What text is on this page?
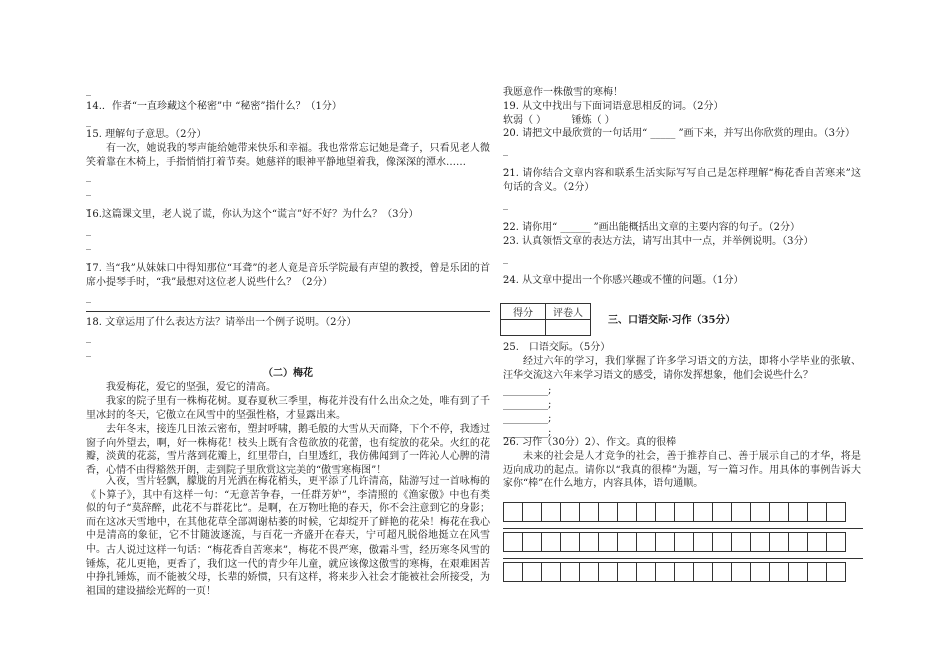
_
14.．作者“一直珍藏这个秘密”中 “秘密”指什么？（1分）
_
15. 理解句子意思。（2分）
有一次，她说我的琴声能给她带来快乐和幸福。我也常常忘记她是聋子，只看见老人微笑着靠在木椅上，手指悄悄打着节奏。她慈祥的眼神平静地望着我，像深深的潭水……
_
_
_
16.这篇课文里，老人说了谎，你认为这个“谎言”好不好？为什么？（3分）
_
_
_
17. 当“我”从妹妹口中得知那位“耳聋”的老人竟是音乐学院最有声望的教授，曾是乐团的首席小提琴手时，“我”最想对这位老人说些什么？（2分）
_
18. 文章运用了什么表达方法？请举出一个例子说明。（2分）
_
_
（二）梅花
我爱梅花，爱它的坚强，爱它的清高。
我家的院子里有一株梅花树。夏春夏秋三季里，梅花并没有什么出众之处，唯有到了千里冰封的冬天，它傲立在风雪中的坚强性格，才显露出来。
去年冬末，接连几日浓云密布，塑封呼啸，鹅毛般的大雪从天而降，下个不停，我透过窗子向外望去，啊，好一株梅花！枝头上既有含苞欲放的花蕾，也有绽放的花朵。火红的花瓣，淡黄的花蕊，雪片落到花瓣上，红里带白，白里透红，我仿佛闻到了一阵沁人心脾的清香，心情不由得豁然开朗，走到院子里欣赏这完美的“傲雪寒梅图”！
入夜，雪片轻飘，朦胧的月光洒在梅花梢头，更平添了几许清高，陆游写过一首咏梅的《卜算子》，其中有这样一句：“无意苦争春，一任群芳妒”，李清照的《渔家傲》中也有类似的句子“莫辞醉，此花不与群花比”。是啊，在万物吐艳的春天，你不会注意到它的身影；而在这冰天雪地中，在其他花草全部凋谢枯萎的时候，它却绽开了鲜艳的花朵！梅花在我心中是清高的象征，它不甘随波逐流，与百花一齐盛开在春天，宁可超凡脱俗地挺立在风雪中。 古人说过这样一句话：“梅花香自苦寒来”，梅花不畏严寒，傲霜斗雪，经历寒冬风雪的锤炼，花儿更艳，更香了，我们这一代的青少年儿童，就应该像这傲雪的寒梅，在艰难困苦中挣扎锤炼，而不能被父母，长辈的娇惯，只有这样，将来步入社会才能被社会所接受，为祖国的建设描绘光辉的一页！
我愿意作一株傲雪的寒梅！
19. 从文中找出与下面词语意思相反的词。（2分）
软弱（ ）	锤炼（ ）
20. 请把文中最欣赏的一句话用“ _____ ”画下来，并写出你欣赏的理由。（3分）
_
_
21. 请你结合文章内容和联系生活实际写写自己是怎样理解“梅花香自苦寒来”这句话的含义。（2分）
_
_
22. 请你用“ ______ ”画出能概括出文章的主要内容的句子。（2分）
23. 认真领悟文章的表达方法，请写出其中一点，并举例说明。（3分）
_
_
24. 从文章中提出一个你感兴趣或不懂的问题。（1分）
__
得分	评卷人

三、口语交际·习作（35分）
25.　口语交际。（5分）
经过六年的学习，我们掌握了许多学习语文的方法，即将小学毕业的张敏、汪华交流这六年来学习语文的感受，请你发挥想象，他们会说些什么？
_________;
_________;
_________;
_________;
26. 习作（30分）2）、作文。真的很棒
未来的社会是人才竞争的社会，善于推荐自己、善于展示自己的才华，将是迈向成功的起点。请你以“我真的很棒”为题，写一篇习作。用具体的事例告诉大家你“棒”在什么地方，内容具体，语句通顺。
